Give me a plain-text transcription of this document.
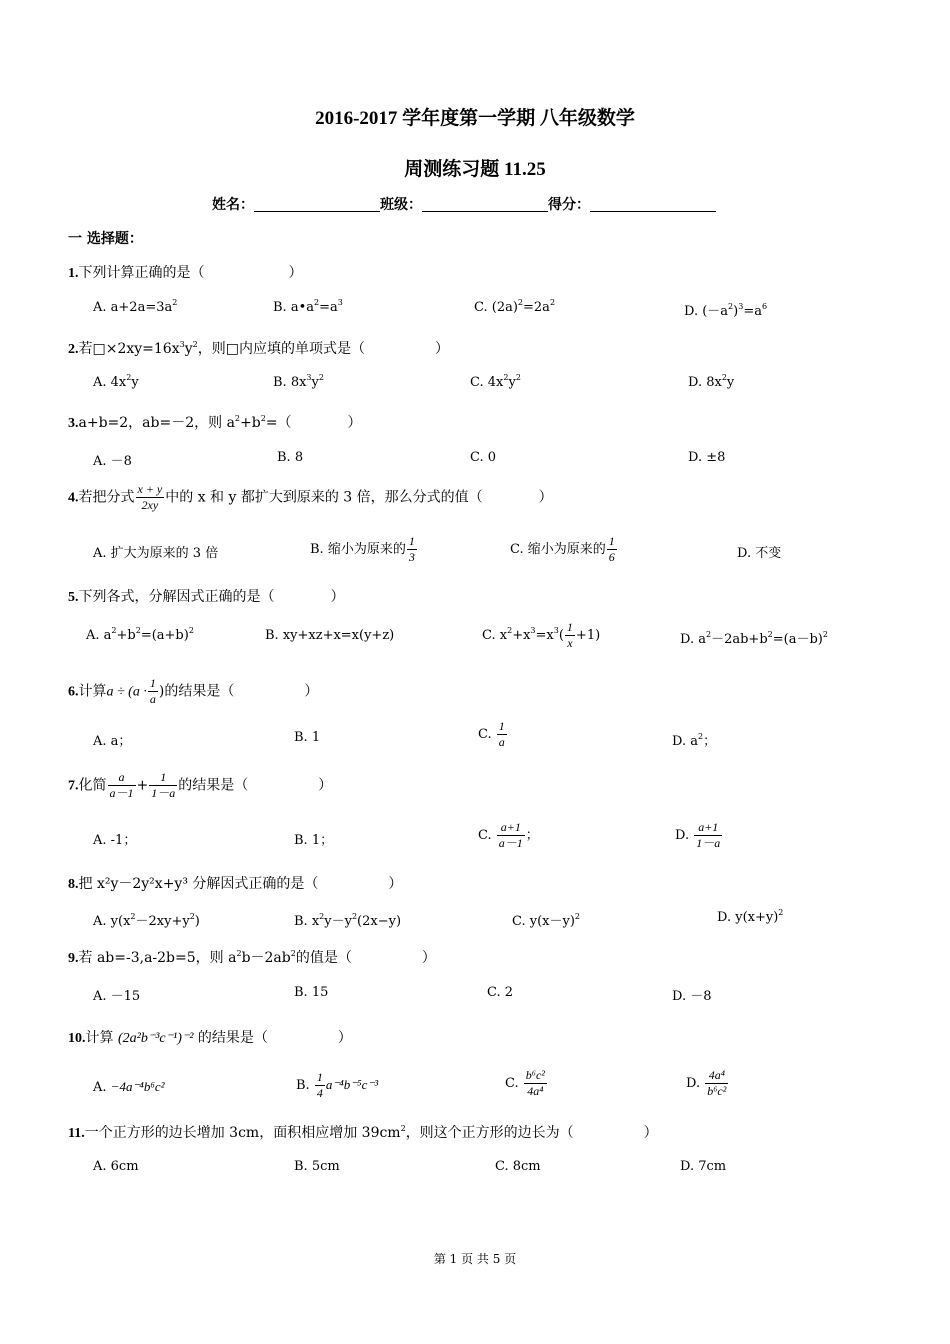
2016-2017 学年度第一学期 八年级数学
周测练习题 11.25
姓名：	班级：	得分：
一 选择题：
1.下列计算正确的是（　　　　　　）
A. $a+2a=3a^2$	B. $a•a^2=a^3$	C. $(2a)^2=2a^2$
D. $(-a^2)^3=a^6$
2.若$□\times 2xy=16x^3y^2$，则□内应填的单项式是（　　　　　）
A. $4x^2y$	B. $8x^3y^2$	C. $4x^2y^2$	D. $8x^2y$
3.a+b=2，ab=－2，则 $a^2+b^2=$（　　　　）
A. －8	B. 8	C. 0	D. ±8
4.若把分式 $\frac{x + y}{2xy}$ 中的 x 和 y 都扩大到原来的 3 倍，那么分式的值（　　　　）
A. 扩大为原来的 3 倍	B. 缩小为原来的 $\frac{1}{3}$	C. 缩小为原来的 $\frac{1}{6}$	D. 不变
5.下列各式，分解因式正确的是（　　　　）
A. $a^2+b^2=(a+b)^2$	B. xy+xz+x=x(y+z)	C. $x^2+x^3=x^3( \frac{1}{x} +1)$	D. $a^2-2ab+b^2=(a-b)^2$
6.计算$a \div (a \cdot \frac{1}{a}$ )的结果是（　　　　　）
A. a；	B. 1	C. $\frac{1}{a}$	D. $a^2$；
7.化简 $\frac{a}{a-1} + \frac{1}{1-a}$ 的结果是（　　　　　）
A. -1；	B. 1；	C. $\frac{a+1}{a-1}$ ；	D. $\frac{a+1}{1-a}$
8.把 x²y－2y²x+y³ 分解因式正确的是（　　　　　）
A. $y(x^2-2xy+y^2)$	B. $x^2y-y^2(2x-y)$	C. $y(x-y)^2$	D. $y(x+y)^2$
9.若 ab=-3,a-2b=5，则 $a^2b-2ab^2$的值是（　　　　　）
A. －15	B. 15	C. 2	D. －8
10.计算 (2a²b⁻³c⁻¹)⁻² 的结果是（　　　　　）
A. −4a⁻⁴b⁶c²	B. $\frac{1}{4} a^{-4}b^{-5}c^{-3}$	C. $\frac{\text{b⁶c²}}{\text{4a⁴}}$	D. $\frac{\text{4a⁴}}{\text{b⁶c²}}$
11.一个正方形的边长增加 3cm，面积相应增加 $39cm^2$，则这个正方形的边长为（　　　　　）
A. 6cm	B. 5cm	C. 8cm	D. 7cm
第 1 页 共 5 页
